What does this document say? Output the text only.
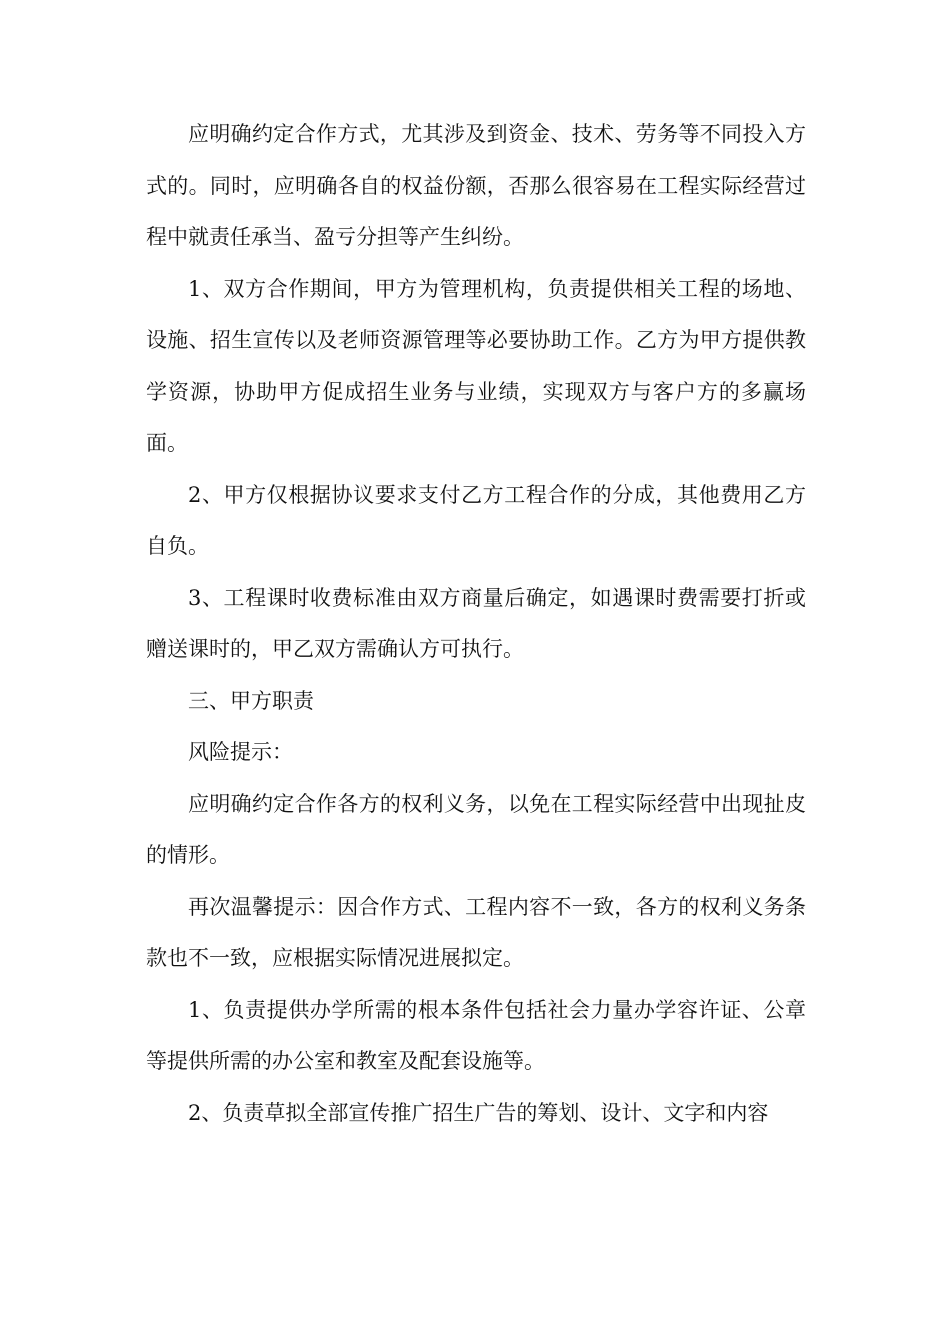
应明确约定合作方式，尤其涉及到资金、技术、劳务等不同投入方式的。同时，应明确各自的权益份额，否那么很容易在工程实际经营过程中就责任承当、盈亏分担等产生纠纷。

1、双方合作期间，甲方为管理机构，负责提供相关工程的场地、设施、招生宣传以及老师资源管理等必要协助工作。乙方为甲方提供教学资源，协助甲方促成招生业务与业绩，实现双方与客户方的多赢场面。

2、甲方仅根据协议要求支付乙方工程合作的分成，其他费用乙方自负。

3、工程课时收费标准由双方商量后确定，如遇课时费需要打折或赠送课时的，甲乙双方需确认方可执行。

三、甲方职责

风险提示：

应明确约定合作各方的权利义务，以免在工程实际经营中出现扯皮的情形。

再次温馨提示：因合作方式、工程内容不一致，各方的权利义务条款也不一致，应根据实际情况进展拟定。

1、负责提供办学所需的根本条件包括社会力量办学容许证、公章等提供所需的办公室和教室及配套设施等。

2、负责草拟全部宣传推广招生广告的筹划、设计、文字和内容
